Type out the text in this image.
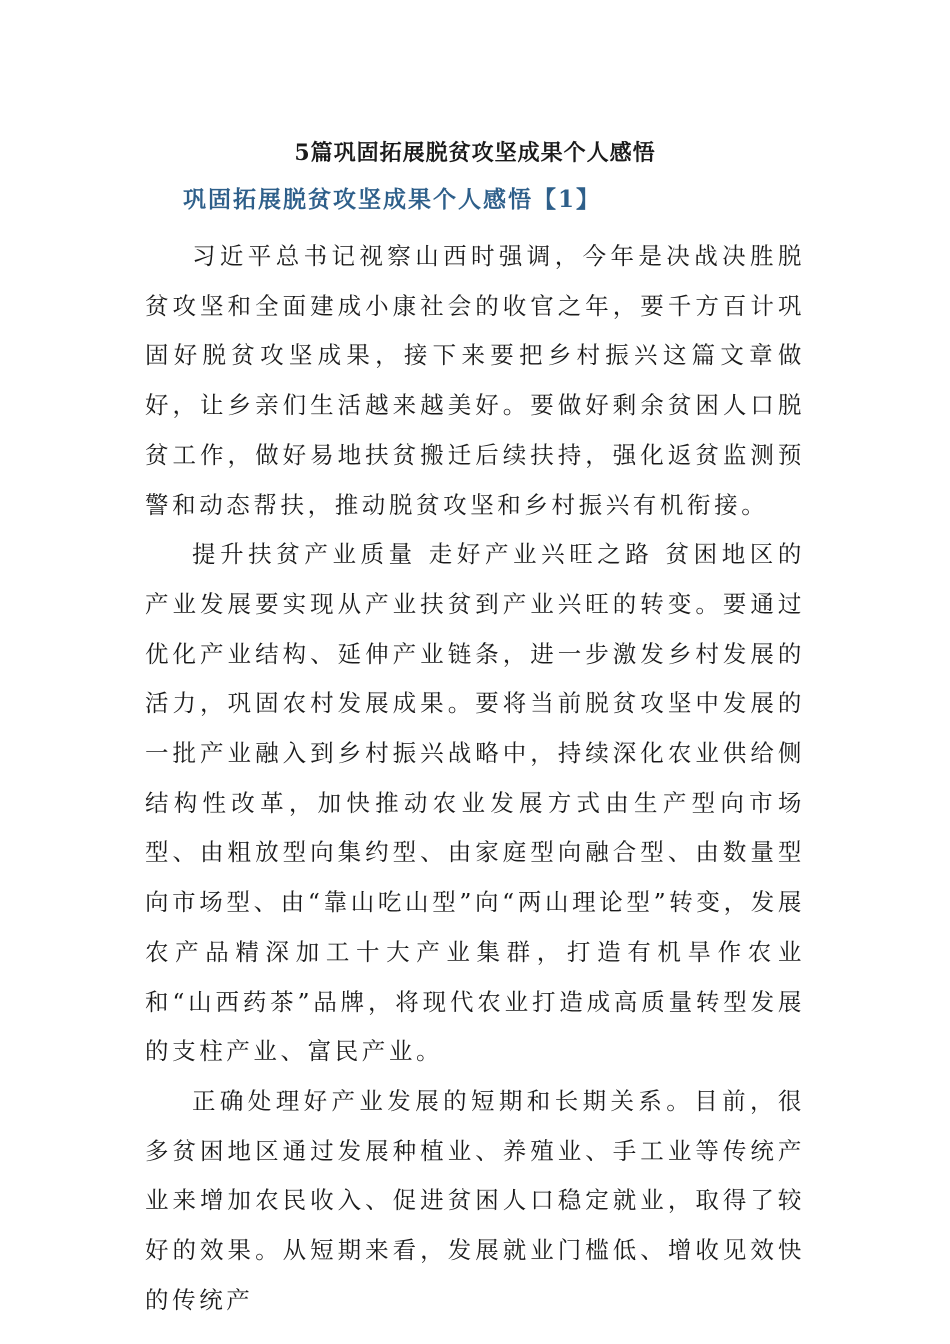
5篇巩固拓展脱贫攻坚成果个人感悟
巩固拓展脱贫攻坚成果个人感悟【1】

习近平总书记视察山西时强调，今年是决战决胜脱贫攻坚和全面建成小康社会的收官之年，要千方百计巩固好脱贫攻坚成果，接下来要把乡村振兴这篇文章做好，让乡亲们生活越来越美好。要做好剩余贫困人口脱贫工作，做好易地扶贫搬迁后续扶持，强化返贫监测预警和动态帮扶，推动脱贫攻坚和乡村振兴有机衔接。

提升扶贫产业质量 走好产业兴旺之路 贫困地区的产业发展要实现从产业扶贫到产业兴旺的转变。要通过优化产业结构、延伸产业链条，进一步激发乡村发展的活力，巩固农村发展成果。要将当前脱贫攻坚中发展的一批产业融入到乡村振兴战略中，持续深化农业供给侧结构性改革，加快推动农业发展方式由生产型向市场型、由粗放型向集约型、由家庭型向融合型、由数量型向市场型、由“靠山吃山型”向“两山理论型”转变，发展农产品精深加工十大产业集群，打造有机旱作农业和“山西药茶”品牌，将现代农业打造成高质量转型发展的支柱产业、富民产业。

正确处理好产业发展的短期和长期关系。目前，很多贫困地区通过发展种植业、养殖业、手工业等传统产业来增加农民收入、促进贫困人口稳定就业，取得了较好的效果。从短期来看，发展就业门槛低、增收见效快的传统产
